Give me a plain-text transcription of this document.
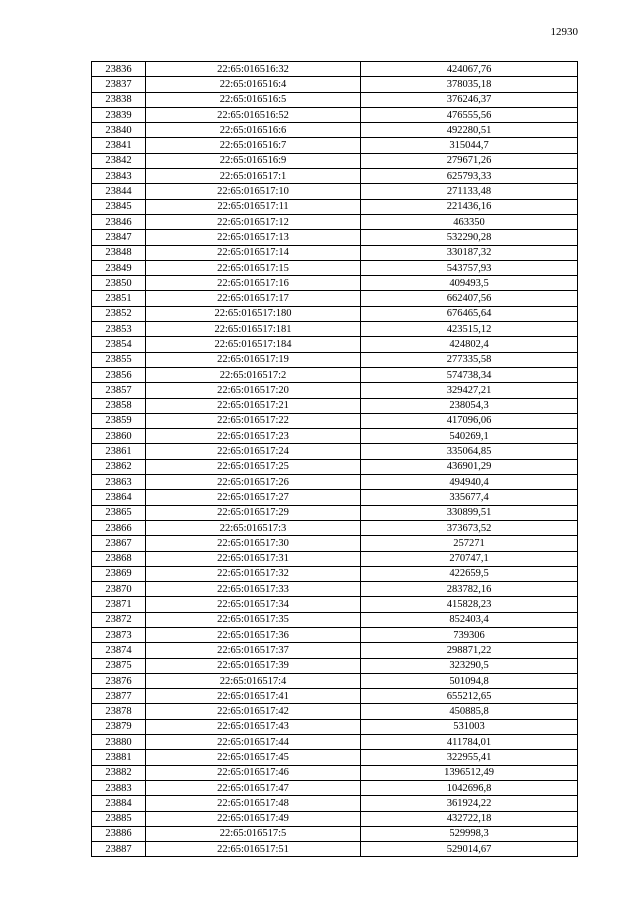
12930
23836	22:65:016516:32	424067,76
23837	22:65:016516:4	378035,18
23838	22:65:016516:5	376246,37
23839	22:65:016516:52	476555,56
23840	22:65:016516:6	492280,51
23841	22:65:016516:7	315044,7
23842	22:65:016516:9	279671,26
23843	22:65:016517:1	625793,33
23844	22:65:016517:10	271133,48
23845	22:65:016517:11	221436,16
23846	22:65:016517:12	463350
23847	22:65:016517:13	532290,28
23848	22:65:016517:14	330187,32
23849	22:65:016517:15	543757,93
23850	22:65:016517:16	409493,5
23851	22:65:016517:17	662407,56
23852	22:65:016517:180	676465,64
23853	22:65:016517:181	423515,12
23854	22:65:016517:184	424802,4
23855	22:65:016517:19	277335,58
23856	22:65:016517:2	574738,34
23857	22:65:016517:20	329427,21
23858	22:65:016517:21	238054,3
23859	22:65:016517:22	417096,06
23860	22:65:016517:23	540269,1
23861	22:65:016517:24	335064,85
23862	22:65:016517:25	436901,29
23863	22:65:016517:26	494940,4
23864	22:65:016517:27	335677,4
23865	22:65:016517:29	330899,51
23866	22:65:016517:3	373673,52
23867	22:65:016517:30	257271
23868	22:65:016517:31	270747,1
23869	22:65:016517:32	422659,5
23870	22:65:016517:33	283782,16
23871	22:65:016517:34	415828,23
23872	22:65:016517:35	852403,4
23873	22:65:016517:36	739306
23874	22:65:016517:37	298871,22
23875	22:65:016517:39	323290,5
23876	22:65:016517:4	501094,8
23877	22:65:016517:41	655212,65
23878	22:65:016517:42	450885,8
23879	22:65:016517:43	531003
23880	22:65:016517:44	411784,01
23881	22:65:016517:45	322955,41
23882	22:65:016517:46	1396512,49
23883	22:65:016517:47	1042696,8
23884	22:65:016517:48	361924,22
23885	22:65:016517:49	432722,18
23886	22:65:016517:5	529998,3
23887	22:65:016517:51	529014,67
